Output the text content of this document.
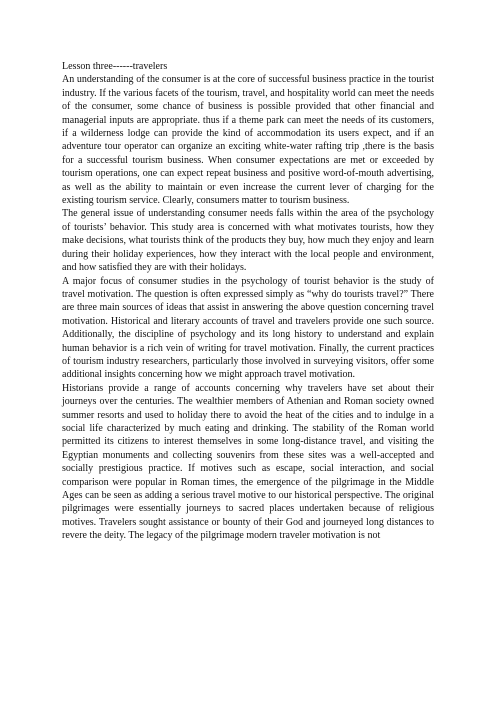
Lesson three------travelers

An understanding of the consumer is at the core of successful business practice in the tourist industry. If the various facets of the tourism, travel, and hospitality world can meet the needs of the consumer, some chance of business is possible provided that other financial and managerial inputs are appropriate. thus if a theme park can meet the needs of its customers, if a wilderness lodge can provide the kind of accommodation its users expect, and if an adventure tour operator can organize an exciting white-water rafting trip ,there is the basis for a successful tourism business. When consumer expectations are met or exceeded by tourism operations, one can expect repeat business and positive word-of-mouth advertising, as well as the ability to maintain or even increase the current lever of charging for the existing tourism service. Clearly, consumers matter to tourism business.

The general issue of understanding consumer needs falls within the area of the psychology of tourists’ behavior. This study area is concerned with what motivates tourists, how they make decisions, what tourists think of the products they buy, how much they enjoy and learn during their holiday experiences, how they interact with the local people and environment, and how satisfied they are with their holidays.

A major focus of consumer studies in the psychology of tourist behavior is the study of travel motivation. The question is often expressed simply as “why do tourists travel?” There are three main sources of ideas that assist in answering the above question concerning travel motivation. Historical and literary accounts of travel and travelers provide one such source. Additionally, the discipline of psychology and its long history to understand and explain human behavior is a rich vein of writing for travel motivation. Finally, the current practices of tourism industry researchers, particularly those involved in surveying visitors, offer some additional insights concerning how we might approach travel motivation.

Historians provide a range of accounts concerning why travelers have set about their journeys over the centuries. The wealthier members of Athenian and Roman society owned summer resorts and used to holiday there to avoid the heat of the cities and to indulge in a social life characterized by much eating and drinking. The stability of the Roman world permitted its citizens to interest themselves in some long-distance travel, and visiting the Egyptian monuments and collecting souvenirs from these sites was a well-accepted and socially prestigious practice. If motives such as escape, social interaction, and social comparison were popular in Roman times, the emergence of the pilgrimage in the Middle Ages can be seen as adding a serious travel motive to our historical perspective. The original pilgrimages were essentially journeys to sacred places undertaken because of religious motives. Travelers sought assistance or bounty of their God and journeyed long distances to revere the deity. The legacy of the pilgrimage modern traveler motivation is not
